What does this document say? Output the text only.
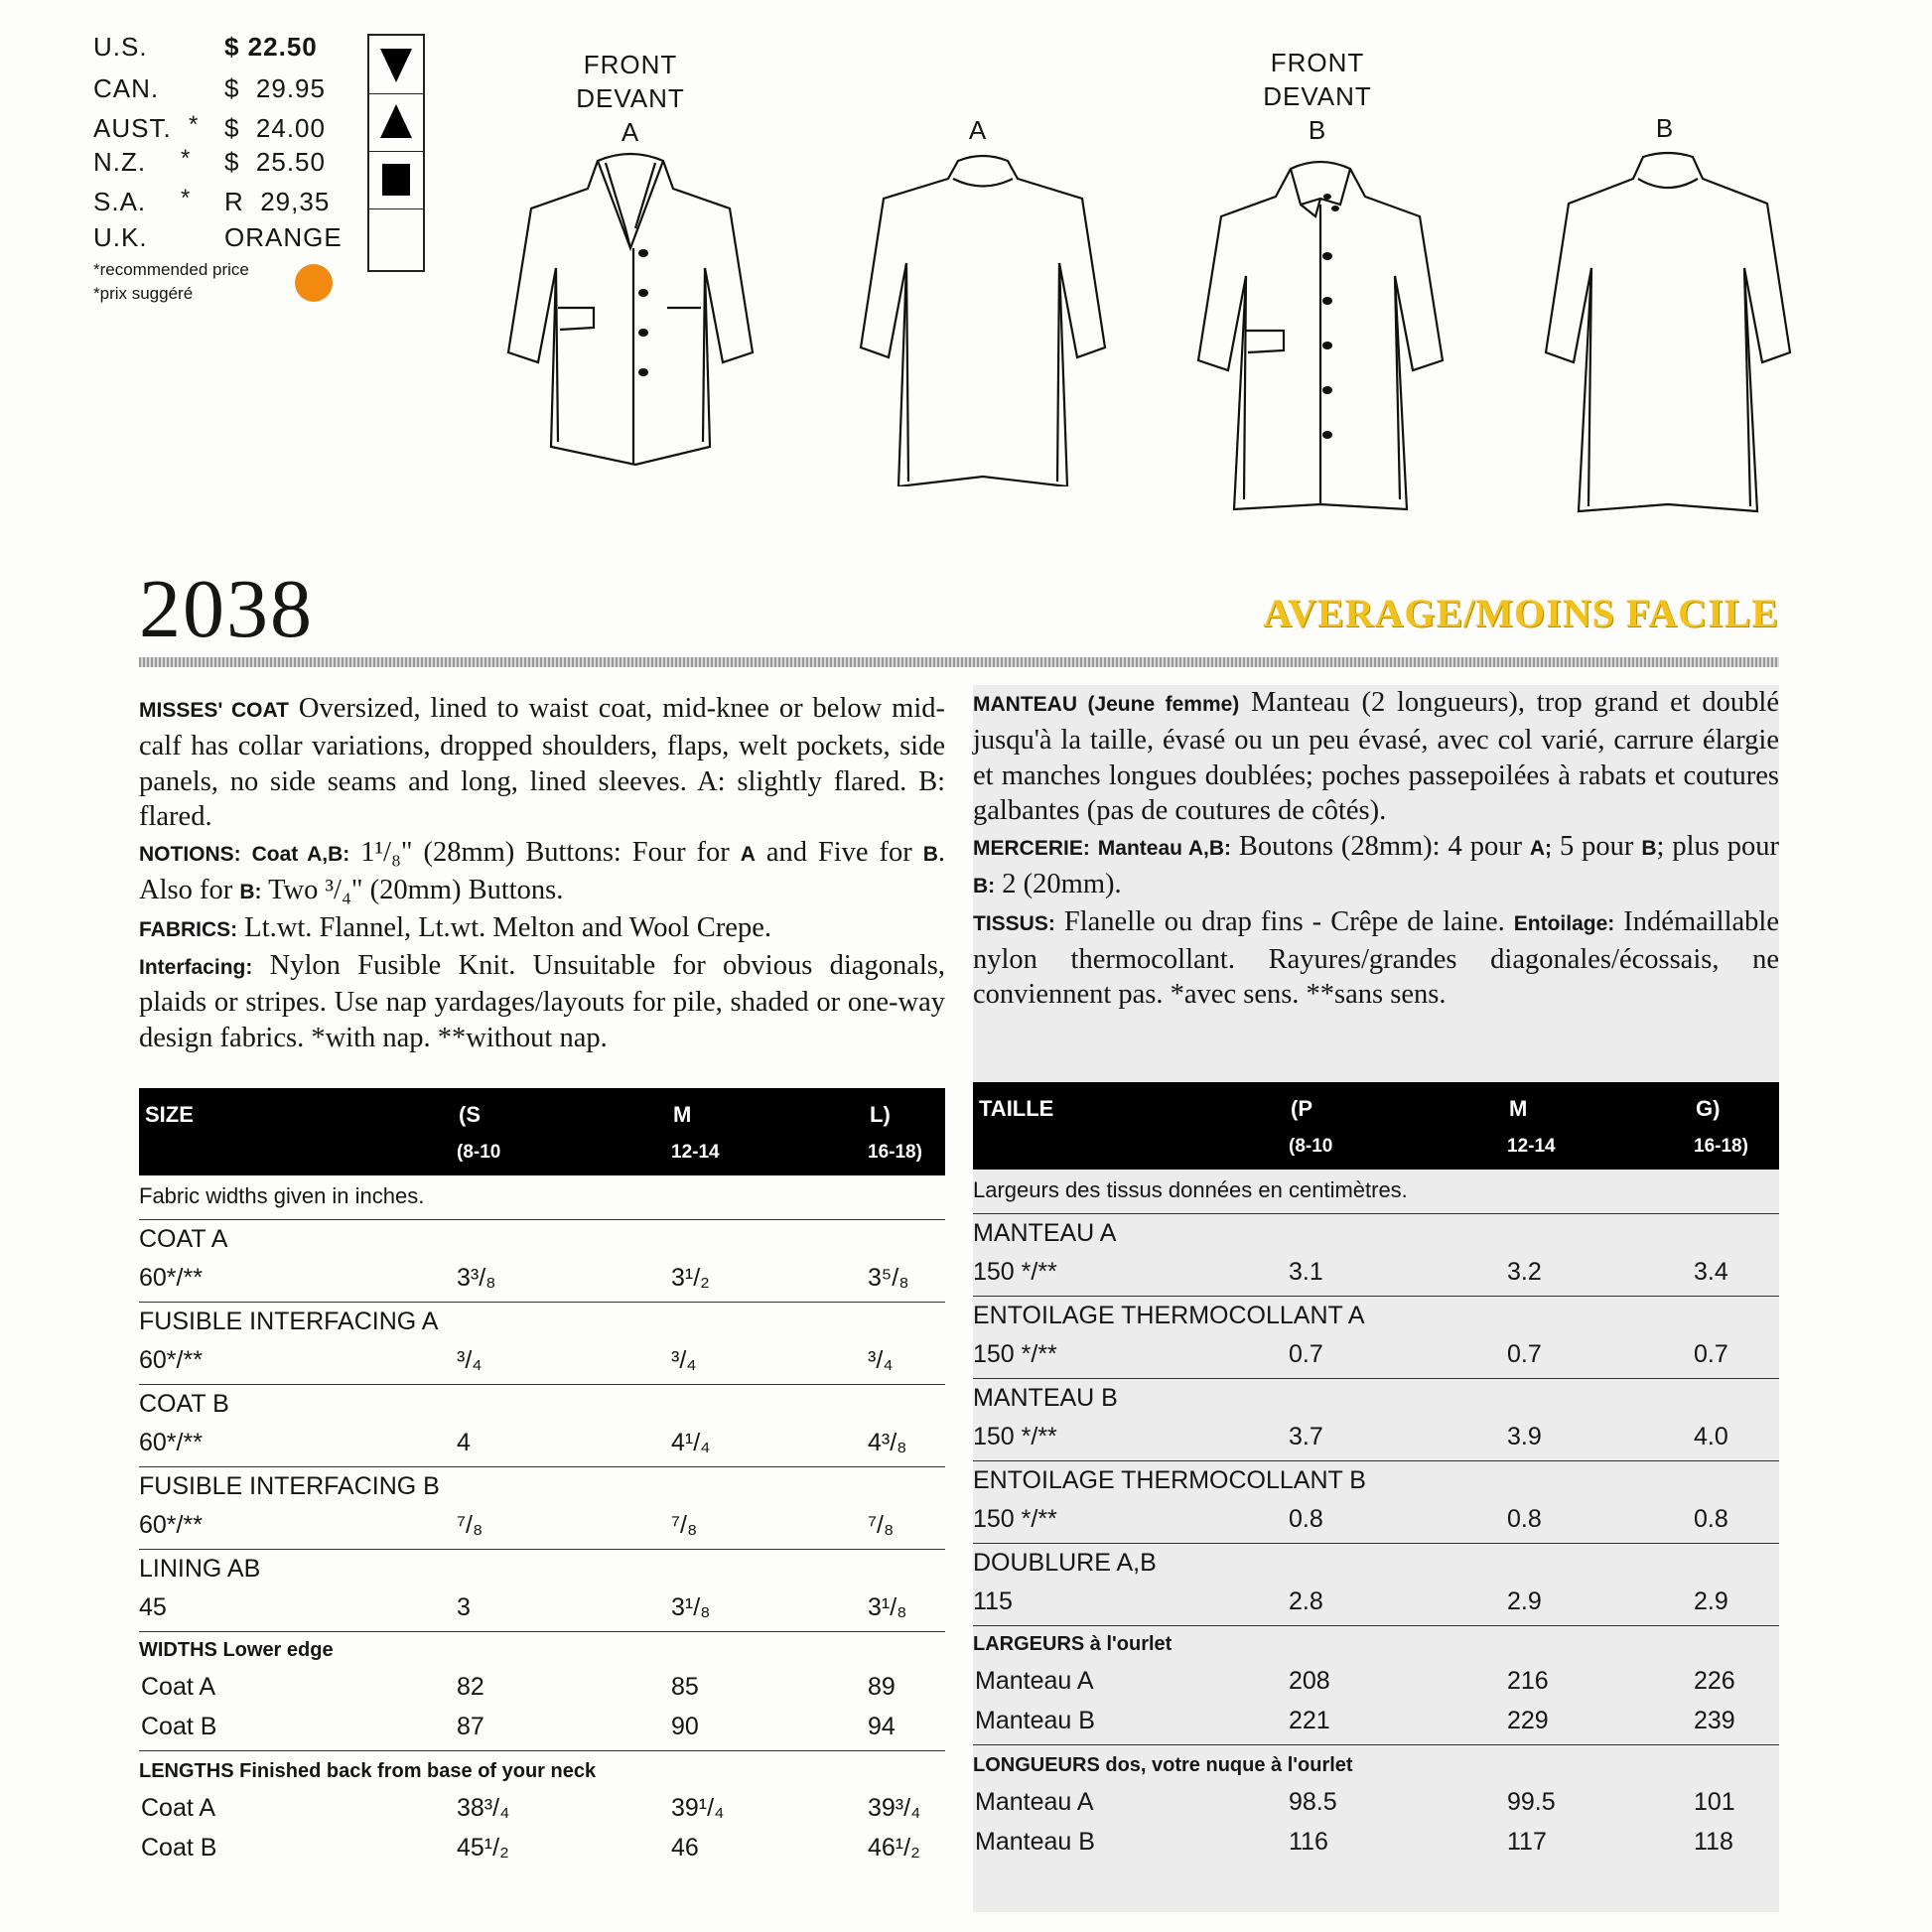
U.S.	$ 22.50
CAN.	$  29.95
AUST. * $  24.00
N.Z. * $  25.50
S.A. * R  29,35
U.K.	ORANGE
*recommended price
*prix suggéré
FRONT
DEVANT
A	A
FRONT
DEVANT
B	B
2038	AVERAGE/MOINS FACILE

MISSES' COAT Oversized, lined to waist coat, mid-knee or below mid-calf has collar variations, dropped shoulders, flaps, welt pockets, side panels, no side seams and long, lined sleeves. A: slightly flared. B: flared.

NOTIONS: Coat A,B: 1¹/₈" (28mm) Buttons: Four for A and Five for B. Also for B: Two ³/₄" (20mm) Buttons.

FABRICS: Lt.wt. Flannel, Lt.wt. Melton and Wool Crepe.

Interfacing: Nylon Fusible Knit. Unsuitable for obvious diagonals, plaids or stripes. Use nap yardages/layouts for pile, shaded or one-way design fabrics. *with nap. **without nap.

MANTEAU (Jeune femme) Manteau (2 longueurs), trop grand et doublé jusqu'à la taille, évasé ou un peu évasé, avec col varié, carrure élargie et manches longues doublées; poches passepoilées à rabats et coutures galbantes (pas de coutures de côtés).

MERCERIE: Manteau A,B: Boutons (28mm): 4 pour A; 5 pour B; plus pour B: 2 (20mm).

TISSUS: Flanelle ou drap fins - Crêpe de laine. Entoilage: Indémaillable nylon thermocollant. Rayures/grandes diagonales/écossais, ne conviennent pas. *avec sens. **sans sens.

SIZE	(S	M	L)
(8-10	12-14	16-18)
Fabric widths given in inches.
COAT A
60*/**	3³/₈	3¹/₂	3⁵/₈
FUSIBLE INTERFACING A
60*/**	³/₄	³/₄	³/₄
COAT B
60*/**	4	4¹/₄	4³/₈
FUSIBLE INTERFACING B
60*/**	⁷/₈	⁷/₈	⁷/₈
LINING AB
45	3	3¹/₈	3¹/₈
WIDTHS Lower edge
Coat A	82	85	89
Coat B	87	90	94
LENGTHS Finished back from base of your neck
Coat A	38³/₄	39¹/₄	39³/₄
Coat B	45¹/₂	46	46¹/₂
TAILLE	(P	M	G)
(8-10	12-14	16-18)
Largeurs des tissus données en centimètres.
MANTEAU A
150 */**	3.1	3.2	3.4
ENTOILAGE THERMOCOLLANT A
150 */**	0.7	0.7	0.7
MANTEAU B
150 */**	3.7	3.9	4.0
ENTOILAGE THERMOCOLLANT B
150 */**	0.8	0.8	0.8
DOUBLURE A,B
115	2.8	2.9	2.9
LARGEURS à l'ourlet
Manteau A	208	216	226
Manteau B	221	229	239
LONGUEURS dos, votre nuque à l'ourlet
Manteau A	98.5	99.5	101
Manteau B	116	117	118
